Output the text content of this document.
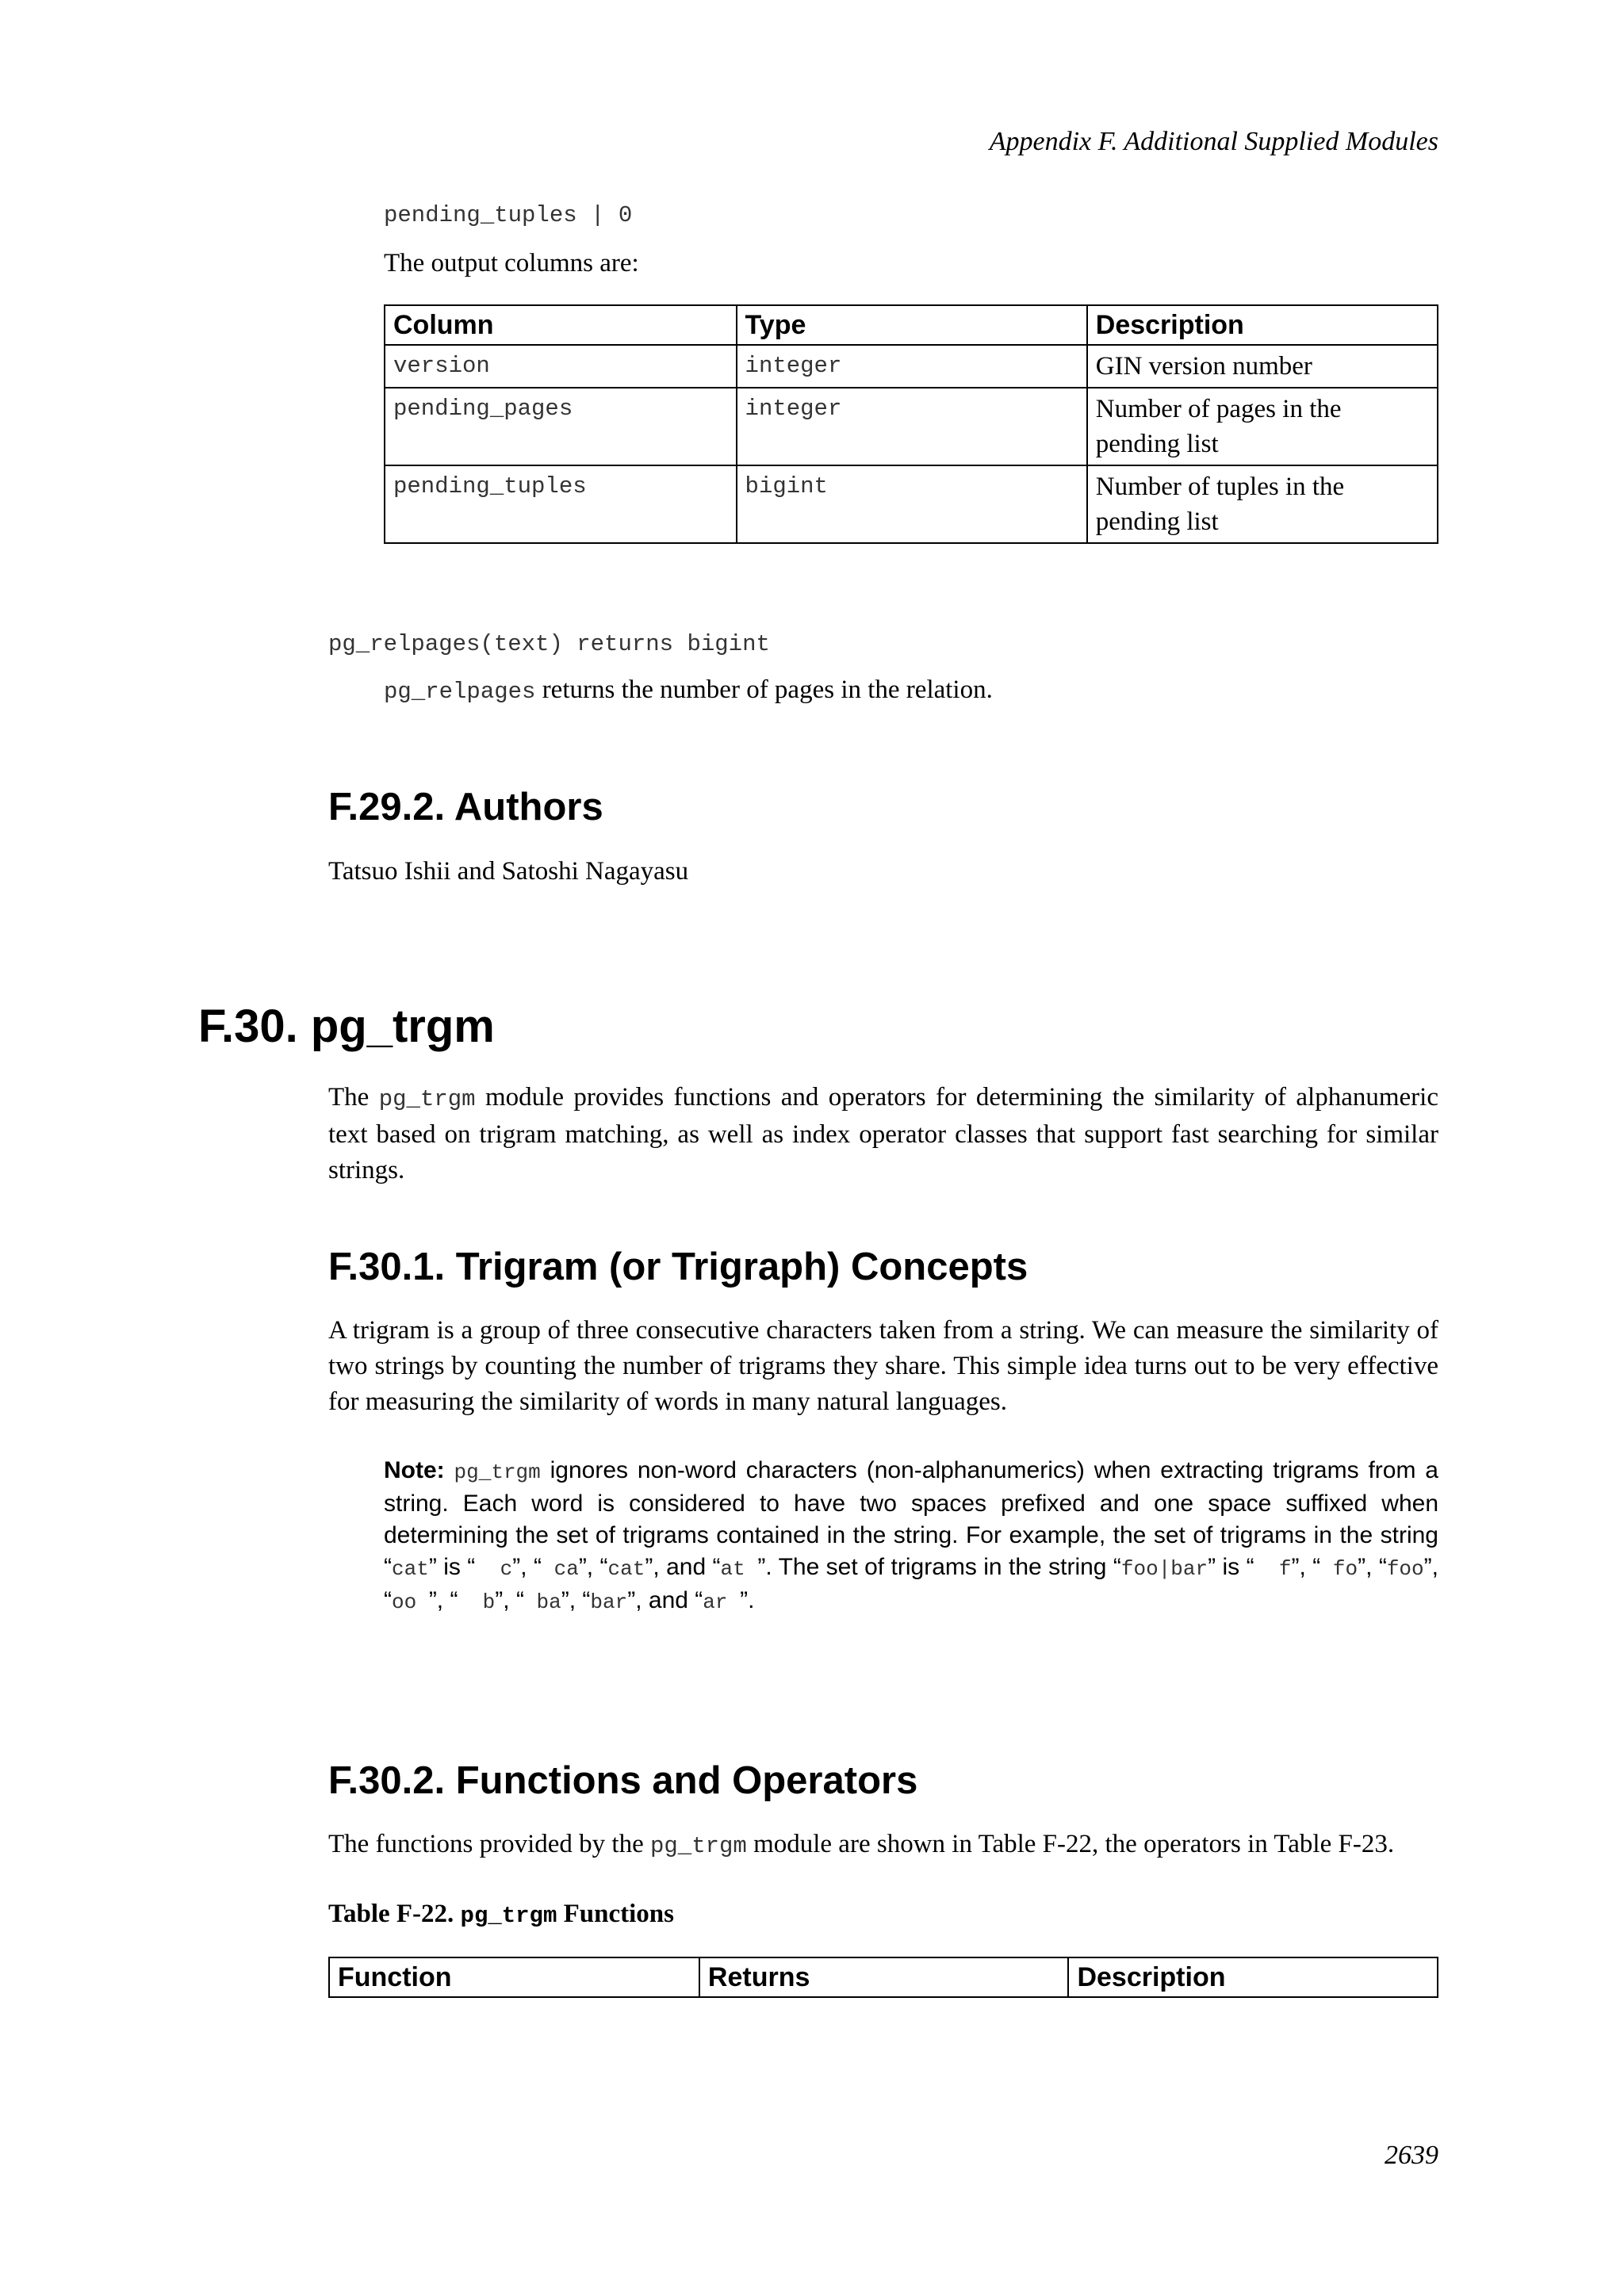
Appendix F. Additional Supplied Modules
pending_tuples | 0
The output columns are:
Column	Type	Description
version	integer	GIN version number
pending_pages	integer	Number of pages in the pending list
pending_tuples	bigint	Number of tuples in the pending list
pg_relpages(text) returns bigint
pg_relpages returns the number of pages in the relation.
F.29.2. Authors
Tatsuo Ishii and Satoshi Nagayasu
F.30. pg_trgm
The pg_trgm module provides functions and operators for determining the similarity of alphanumeric text based on trigram matching, as well as index operator classes that support fast searching for similar strings.
F.30.1. Trigram (or Trigraph) Concepts
A trigram is a group of three consecutive characters taken from a string. We can measure the similarity of two strings by counting the number of trigrams they share. This simple idea turns out to be very effective for measuring the similarity of words in many natural languages.
Note: pg_trgm ignores non-word characters (non-alphanumerics) when extracting trigrams from a string. Each word is considered to have two spaces prefixed and one space suffixed when determining the set of trigrams contained in the string. For example, the set of trigrams in the string “cat” is “  c”, “ ca”, “cat”, and “at ”. The set of trigrams in the string “foo|bar” is “  f”, “ fo”, “foo”, “oo ”, “  b”, “ ba”, “bar”, and “ar ”.
F.30.2. Functions and Operators
The functions provided by the pg_trgm module are shown in Table F-22, the operators in Table F-23.
Table F-22. pg_trgm Functions
Function	Returns	Description
2639
